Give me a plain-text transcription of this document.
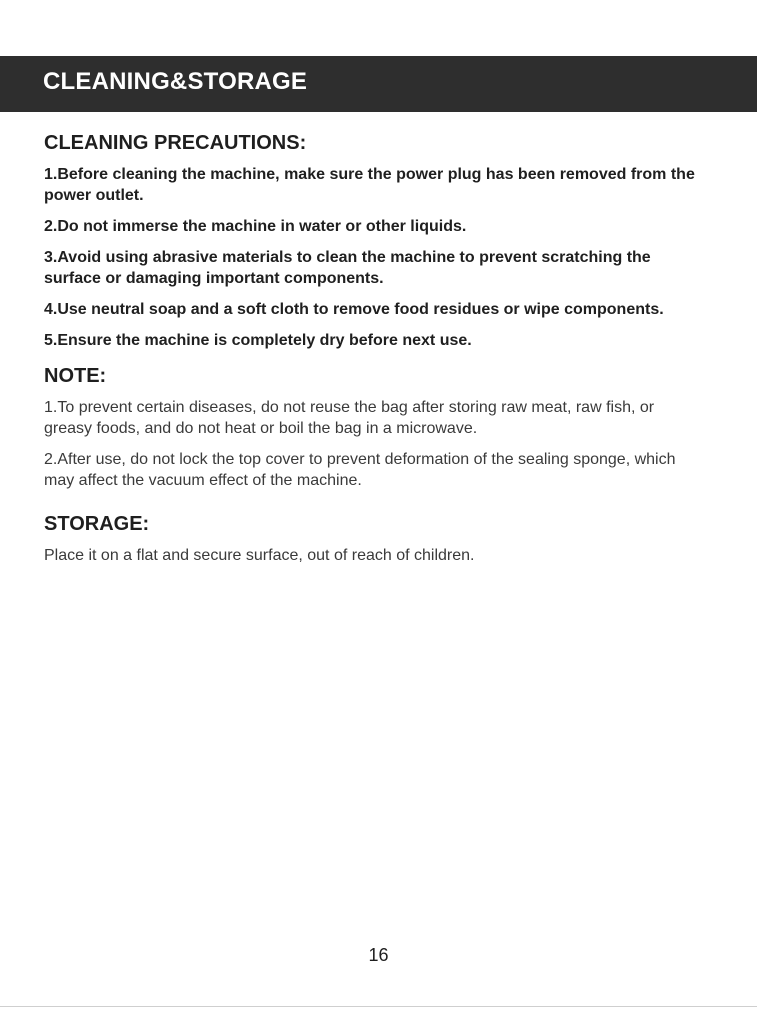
CLEANING&STORAGE
CLEANING PRECAUTIONS:

1.Before cleaning the machine, make sure the power plug has been removed from the power outlet.

2.Do not immerse the machine in water or other liquids.

3.Avoid using abrasive materials to clean the machine to prevent scratching the surface or damaging important components.

4.Use neutral soap and a soft cloth to remove food residues or wipe components.

5.Ensure the machine is completely dry before next use.

NOTE:

1.To prevent certain diseases, do not reuse the bag after storing raw meat, raw fish, or greasy foods, and do not heat or boil the bag in a microwave.

2.After use, do not lock the top cover to prevent deformation of the sealing sponge, which may affect the vacuum effect of the machine.

STORAGE:

Place it on a flat and secure surface, out of reach of children.

16
